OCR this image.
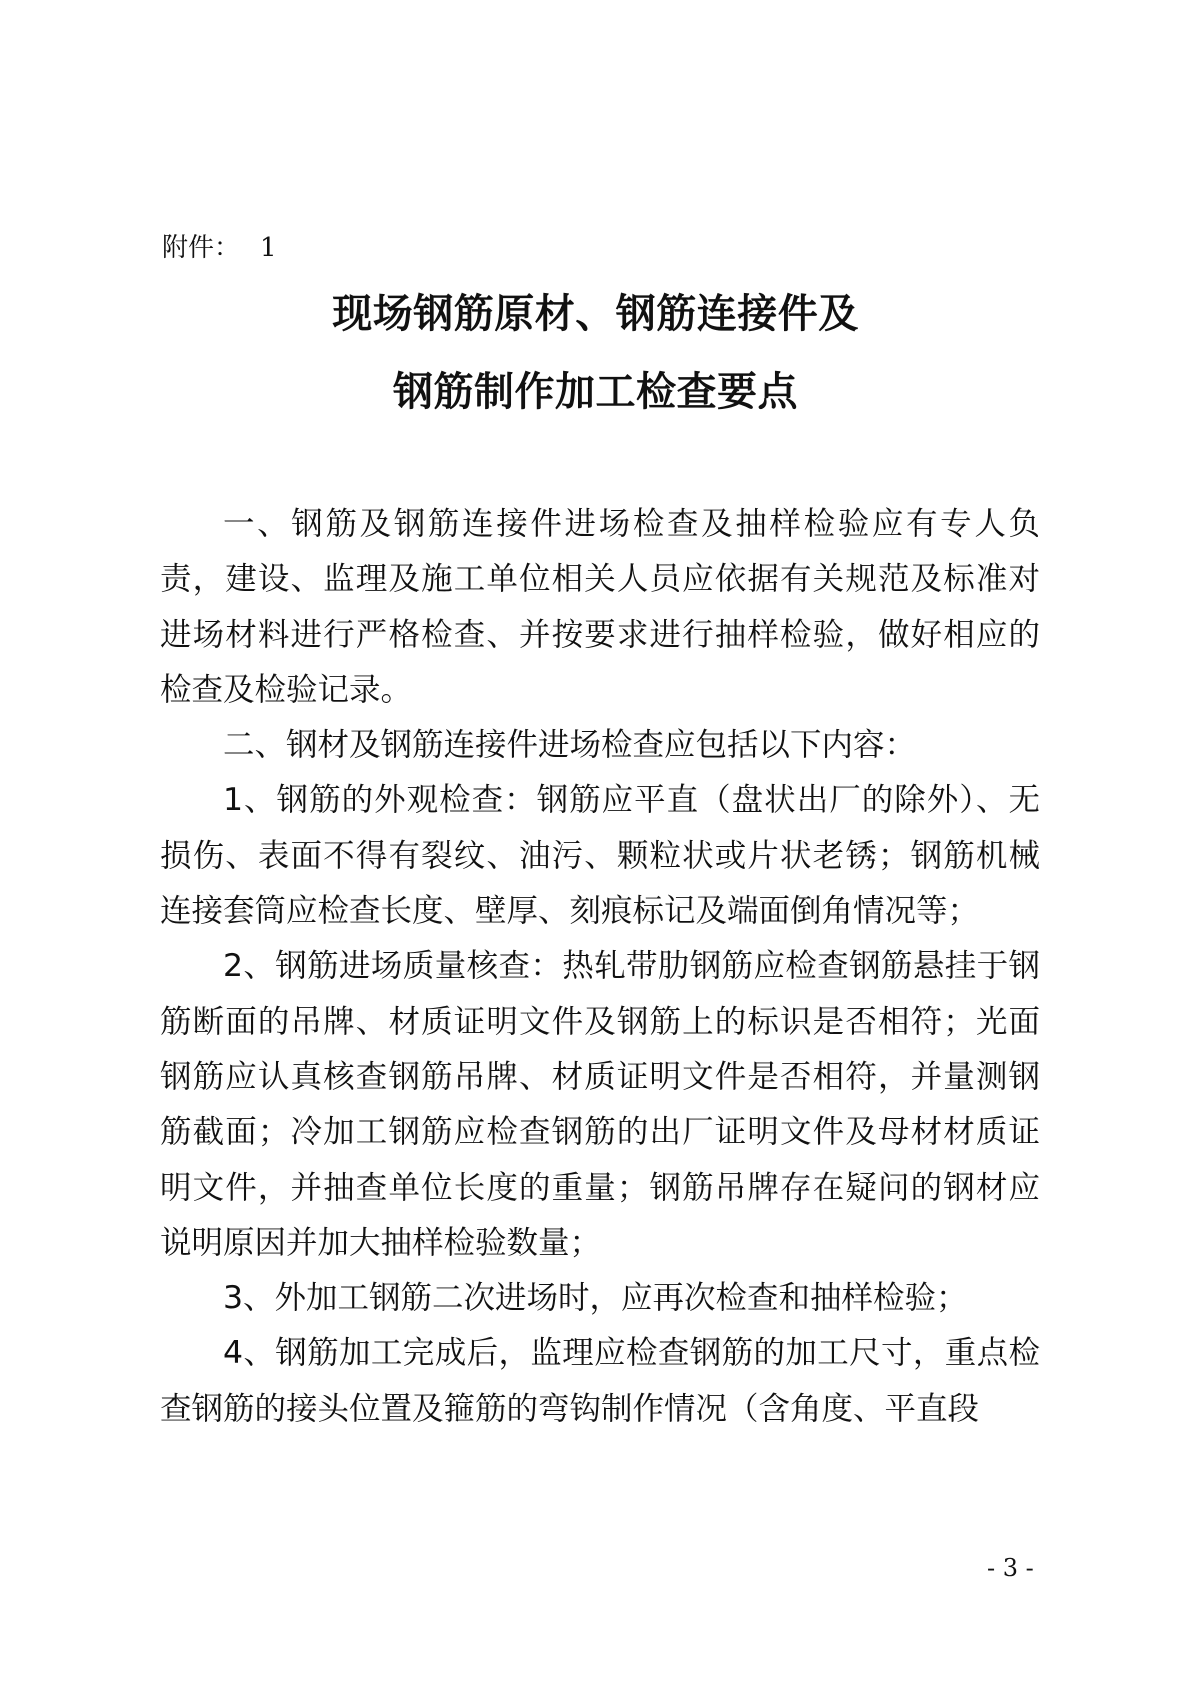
附件： 1
现场钢筋原材、钢筋连接件及
钢筋制作加工检查要点

一、钢筋及钢筋连接件进场检查及抽样检验应有专人负责，建设、监理及施工单位相关人员应依据有关规范及标准对进场材料进行严格检查、并按要求进行抽样检验，做好相应的检查及检验记录。

二、钢材及钢筋连接件进场检查应包括以下内容：

1、钢筋的外观检查：钢筋应平直（盘状出厂的除外）、无损伤、表面不得有裂纹、油污、颗粒状或片状老锈；钢筋机械连接套筒应检查长度、壁厚、刻痕标记及端面倒角情况等；

2、钢筋进场质量核查：热轧带肋钢筋应检查钢筋悬挂于钢筋断面的吊牌、材质证明文件及钢筋上的标识是否相符；光面钢筋应认真核查钢筋吊牌、材质证明文件是否相符，并量测钢筋截面；冷加工钢筋应检查钢筋的出厂证明文件及母材材质证明文件，并抽查单位长度的重量；钢筋吊牌存在疑问的钢材应说明原因并加大抽样检验数量；

3、外加工钢筋二次进场时，应再次检查和抽样检验；

4、钢筋加工完成后，监理应检查钢筋的加工尺寸，重点检查钢筋的接头位置及箍筋的弯钩制作情况（含角度、平直段

- 3 -
